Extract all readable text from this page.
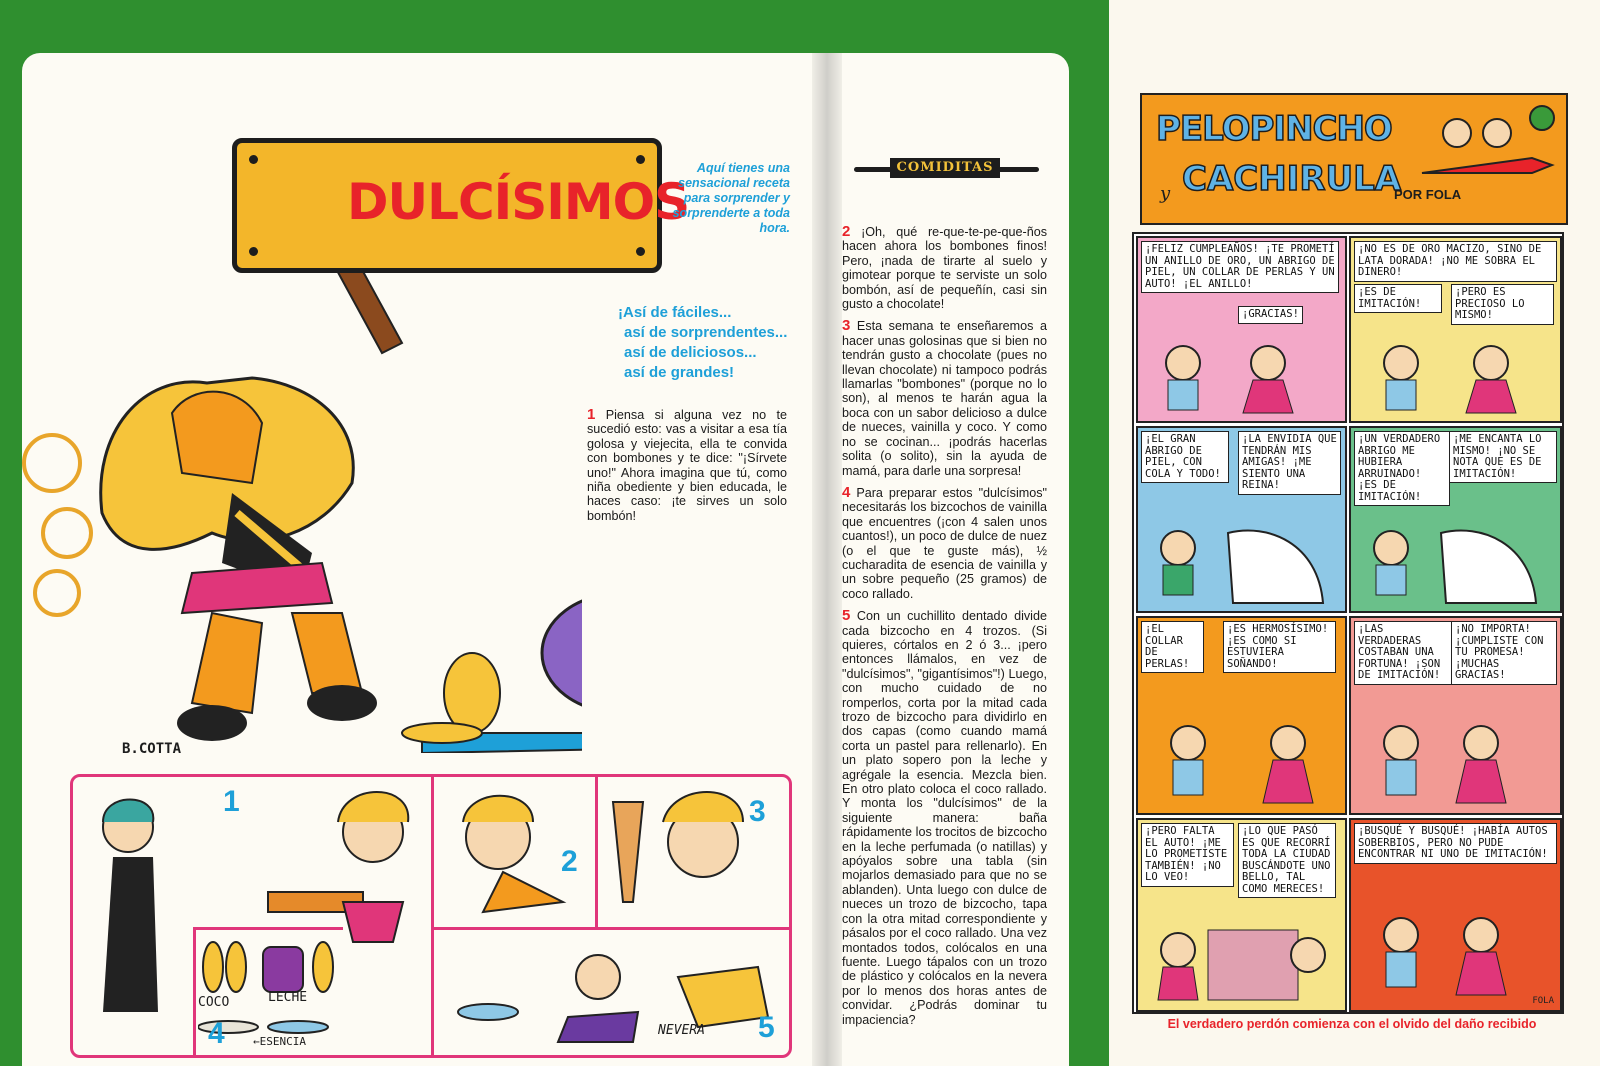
DULCÍSIMOS
Aquí tienes una sensacional receta para sorprender y sorprenderte a toda hora.
¡Así de fáciles...
así de sorprendentes...
así de deliciosos...
así de grandes!
1 Piensa si alguna vez no te sucedió esto: vas a visitar a esa tía golosa y viejecita, ella te convida con bombones y te dice: "¡Sírvete uno!" Ahora imagina que tú, como niña obediente y bien educada, le haces caso: ¡te sirves un solo bombón!
B.COTTA
1
2
3
4	5
COCO	LECHE
←ESENCIA
NEVERA
COMIDITAS

2 ¡Oh, qué re-que-te-pe-que-ños hacen ahora los bombones finos! Pero, ¡nada de tirarte al suelo y gimotear porque te serviste un solo bombón, así de pequeñín, casi sin gusto a chocolate!

3 Esta semana te enseñaremos a hacer unas golosinas que si bien no tendrán gusto a chocolate (pues no llevan chocolate) ni tampoco podrás llamarlas "bombones" (porque no lo son), al menos te harán agua la boca con un sabor delicioso a dulce de nueces, vainilla y coco. Y como no se cocinan... ¡podrás hacerlas solita (o solito), sin la ayuda de mamá, para darle una sorpresa!

4 Para preparar estos "dulcísimos" necesitarás los bizcochos de vainilla que encuentres (¡con 4 salen unos cuantos!), un poco de dulce de nuez (o el que te guste más), ½ cucharadita de esencia de vainilla y un sobre pequeño (25 gramos) de coco rallado.

5 Con un cuchillito dentado divide cada bizcocho en 4 trozos. (Si quieres, córtalos en 2 ó 3... ¡pero entonces llámalos, en vez de "dulcísimos", "gigantísimos"!) Luego, con mucho cuidado de no romperlos, corta por la mitad cada trozo de bizcocho para dividirlo en dos capas (como cuando mamá corta un pastel para rellenarlo). En un plato sopero pon la leche y agrégale la esencia. Mezcla bien. En otro plato coloca el coco rallado. Y monta los "dulcísimos" de la siguiente manera: baña rápidamente los trocitos de bizcocho en la leche perfumada (o natillas) y apóyalos sobre una tabla (sin mojarlos demasiado para que no se ablanden). Unta luego con dulce de nueces un trozo de bizcocho, tapa con la otra mitad correspondiente y pásalos por el coco rallado. Una vez montados todos, colócalos en una fuente. Luego tápalos con un trozo de plástico y colócalos en la nevera por lo menos dos horas antes de convidar. ¿Podrás dominar tu impaciencia?

PELOPINCHO
y CACHIRULA
POR FOLA
¡FELIZ CUMPLEAÑOS! ¡TE PROMETÍ UN ANILLO DE ORO, UN ABRIGO DE PIEL, UN COLLAR DE PERLAS Y UN AUTO! ¡EL ANILLO!
¡GRACIAS!
¡NO ES DE ORO MACIZO, SINO DE LATA DORADA! ¡NO ME SOBRA EL DINERO!
¡ES DE IMITACIÓN!
¡PERO ES PRECIOSO LO MISMO!
¡EL GRAN ABRIGO DE PIEL, CON COLA Y TODO!
¡LA ENVIDIA QUE TENDRÁN MIS AMIGAS! ¡ME SIENTO UNA REINA!
¡UN VERDADERO ABRIGO ME HUBIERA ARRUINADO! ¡ES DE IMITACIÓN!
¡ME ENCANTA LO MISMO! ¡NO SE NOTA QUE ES DE IMITACIÓN!
¡EL COLLAR DE PERLAS!
¡ES HERMOSÍSIMO! ¡ES COMO SI ESTUVIERA SOÑANDO!
¡LAS VERDADERAS COSTABAN UNA FORTUNA! ¡SON DE IMITACIÓN!
¡NO IMPORTA! ¡CUMPLISTE CON TU PROMESA! ¡MUCHAS GRACIAS!
¡PERO FALTA EL AUTO! ¡ME LO PROMETISTE TAMBIÉN! ¡NO LO VEO!
¡LO QUE PASÓ ES QUE RECORRÍ TODA LA CIUDAD BUSCÁNDOTE UNO BELLO, TAL COMO MERECES!
¡BUSQUÉ Y BUSQUÉ! ¡HABÍA AUTOS SOBERBIOS, PERO NO PUDE ENCONTRAR NI UNO DE IMITACIÓN!
FOLA
El verdadero perdón comienza con el olvido del daño recibido
